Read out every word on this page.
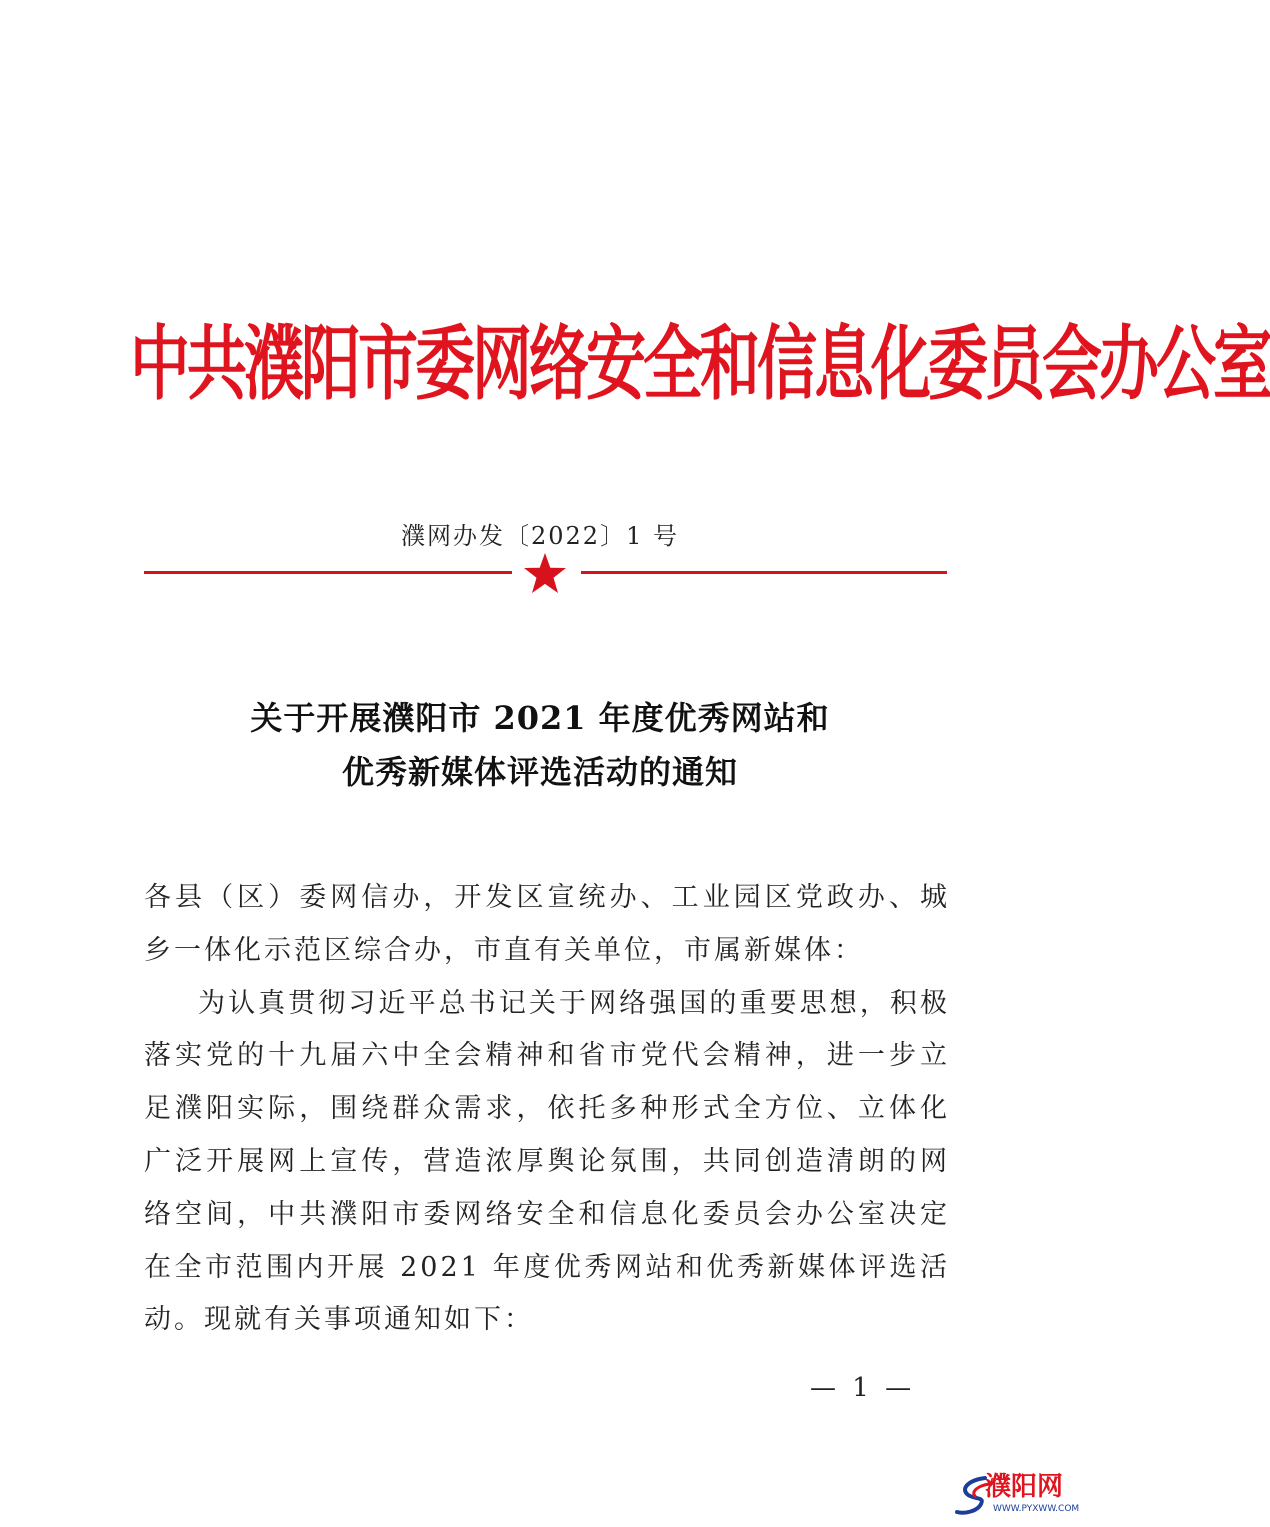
中共濮阳市委网络安全和信息化委员会办公室
濮网办发〔2022〕1 号
关于开展濮阳市 2021 年度优秀网站和
优秀新媒体评选活动的通知

各县（区）委网信办，开发区宣统办、工业园区党政办、城乡一体化示范区综合办，市直有关单位，市属新媒体：

为认真贯彻习近平总书记关于网络强国的重要思想，积极落实党的十九届六中全会精神和省市党代会精神，进一步立足濮阳实际，围绕群众需求，依托多种形式全方位、立体化广泛开展网上宣传，营造浓厚舆论氛围，共同创造清朗的网络空间，中共濮阳市委网络安全和信息化委员会办公室决定在全市范围内开展 2021 年度优秀网站和优秀新媒体评选活动。现就有关事项通知如下：

— 1 —
濮阳网
WWW.PYXWW.COM
